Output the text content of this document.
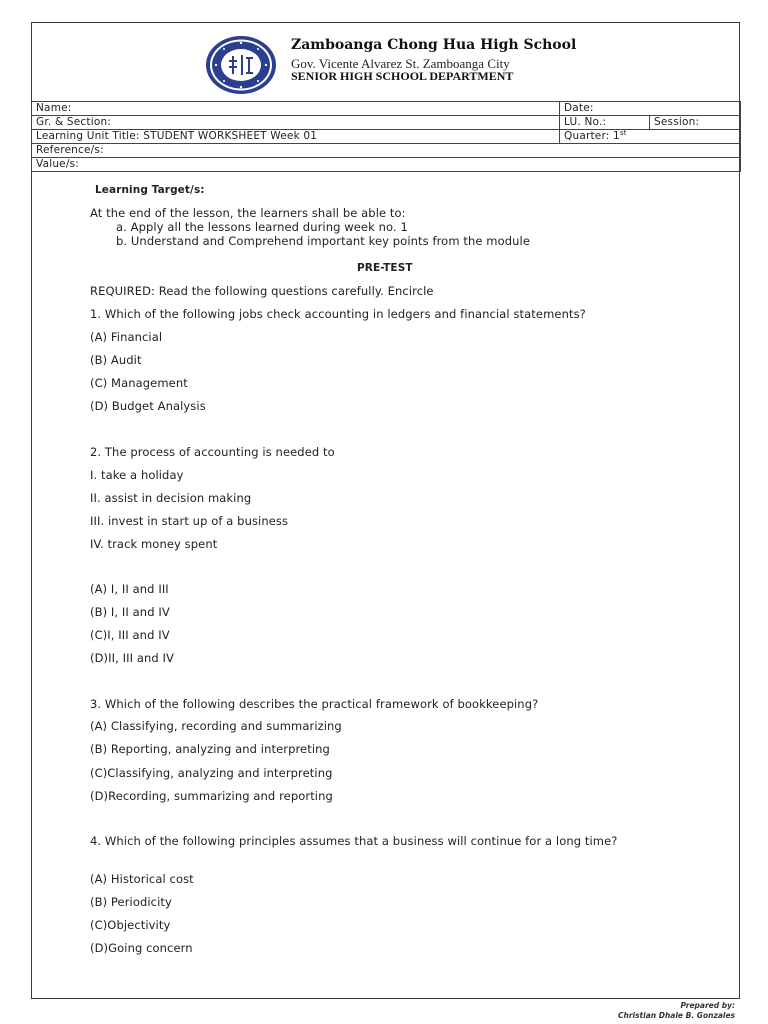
Zamboanga Chong Hua High School
Gov. Vicente Alvarez St. Zamboanga City
SENIOR HIGH SCHOOL DEPARTMENT
Name:	Date:	
Gr. & Section:	LU. No.:	Session:
Learning Unit Title: STUDENT WORKSHEET Week 01	Quarter: 1st
Reference/s:		
Value/s:		
Learning Target/s:
At the end of the lesson, the learners shall be able to:
a. Apply all the lessons learned during week no. 1
b. Understand and Comprehend important key points from the module
PRE-TEST
REQUIRED: Read the following questions carefully. Encircle
1. Which of the following jobs check accounting in ledgers and financial statements?
(A) Financial
(B) Audit
(C) Management
(D) Budget Analysis
2. The process of accounting is needed to
I. take a holiday
II. assist in decision making
III. invest in start up of a business
IV. track money spent
(A) I, II and III
(B) I, II and IV
(C)I, III and IV
(D)II, III and IV
3. Which of the following describes the practical framework of bookkeeping?
(A) Classifying, recording and summarizing
(B) Reporting, analyzing and interpreting
(C)Classifying, analyzing and interpreting
(D)Recording, summarizing and reporting
4. Which of the following principles assumes that a business will continue for a long time?
(A) Historical cost
(B) Periodicity
(C)Objectivity
(D)Going concern
Prepared by:
Christian Dhale B. Gonzales
